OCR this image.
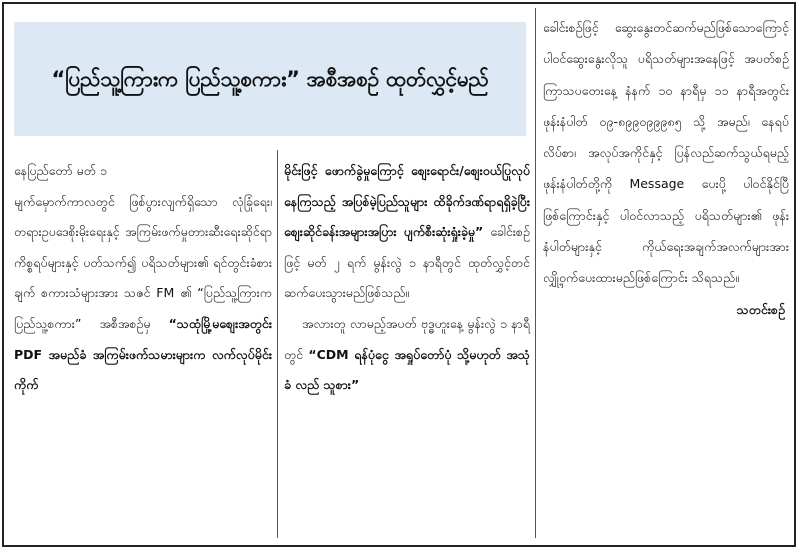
“ပြည်သူ့ကြားက ပြည်သူ့စကား” အစီအစဉ် ထုတ်လွှင့်မည်

နေပြည်တော် မတ် ၁

မျက်မှောက်ကာလတွင် ဖြစ်ပွားလျက်ရှိသော လုံခြုံရေး၊ တရားဥပဒေစိုးမိုးရေးနှင့် အကြမ်းဖက်မှုတားဆီးရေးဆိုင်ရာ ကိစ္စရပ်များနှင့် ပတ်သက်၍ ပရိသတ်များ၏ ရင်တွင်းခံစားချက် စကားသံများအား သဇင် FM ၏ “ပြည်သူ့ကြားက ပြည်သူ့စကား” အစီအစဉ်မှ “သထုံမြို့မစျေးအတွင်း PDF အမည်ခံ အကြမ်းဖက်သမားများက လက်လုပ်မိုင်းကိုက်

မိုင်းဖြင့် ဖောက်ခွဲမှုကြောင့် စျေးရောင်း/စျေးဝယ်ပြုလုပ်နေကြသည့် အပြစ်မဲ့ပြည်သူများ ထိခိုက်ဒဏ်ရာရရှိခဲ့ပြီး စျေးဆိုင်ခန်းအများအပြား ပျက်စီးဆုံးရှုံးခဲ့မှု” ခေါင်းစဉ်ဖြင့် မတ် ၂ ရက် မွန်းလွဲ ၁ နာရီတွင် ထုတ်လွှင့်တင်ဆက်ပေးသွားမည်ဖြစ်သည်။

အလားတူ လာမည့်အပတ် ဗုဒ္ဓဟူးနေ့ မွန်းလွဲ ၁ နာရီတွင် “CDM ရန်ပုံငွေ အရှုပ်တော်ပုံ သို့မဟုတ် အသုံခံ လည် သူစား”

ခေါင်းစဉ်ဖြင့် ဆွေးနွေးတင်ဆက်မည်ဖြစ်သောကြောင့် ပါဝင်ဆွေးနွေးလိုသူ ပရိသတ်များအနေဖြင့် အပတ်စဉ် ကြာသပတေးနေ့ နံနက် ၁၀ နာရီမှ ၁၁ နာရီအတွင်း ဖုန်းနံပါတ် ၀၉-၈၉၉၀၉၉၉၈၅ သို့ အမည်၊ နေရပ်လိပ်စာ၊ အလုပ်အကိုင်နှင့် ပြန်လည်ဆက်သွယ်ရမည့် ဖုန်းနံပါတ်တို့ကို Message ပေးပို့ ပါဝင်နိုင်ပြီဖြစ်ကြောင်းနှင့် ပါဝင်လာသည့် ပရိသတ်များ၏ ဖုန်းနံပါတ်များနှင့် ကိုယ်ရေးအချက်အလက်များအား လျှို့ဝှက်ပေးထားမည်ဖြစ်ကြောင်း သိရသည်။

သတင်းစဉ်
